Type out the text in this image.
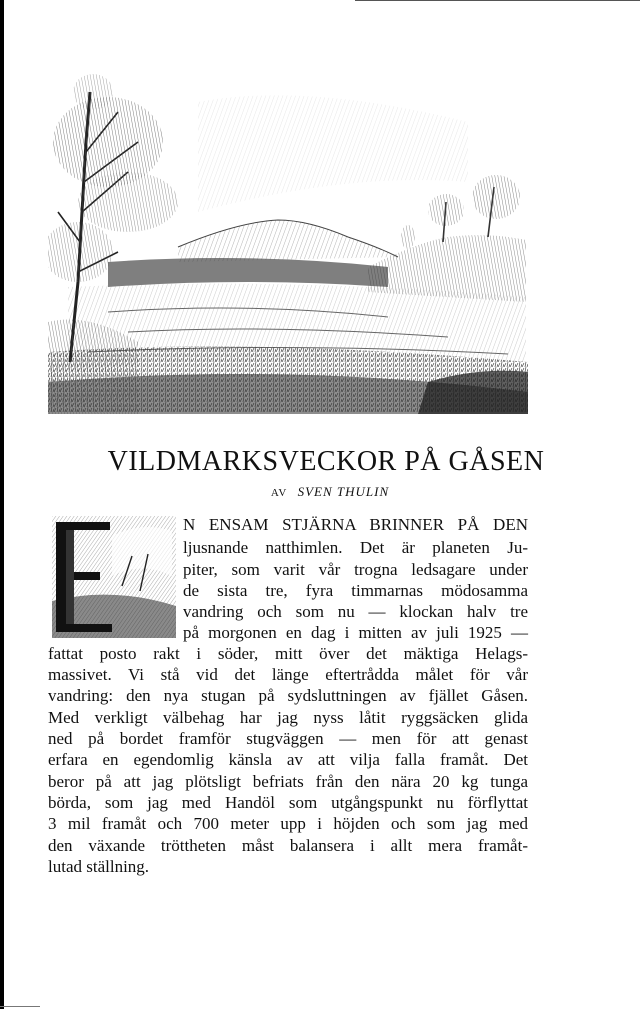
VILDMARKSVECKOR PÅ GÅSEN
AV SVEN THULIN

N ENSAM STJÄRNA BRINNER PÅ DEN

ljusnande natthimlen. Det är planeten Ju-

piter, som varit vår trogna ledsagare under

de sista tre, fyra timmarnas mödosamma

vandring och som nu — klockan halv tre

på morgonen en dag i mitten av juli 1925 —

fattat posto rakt i söder, mitt över det mäktiga Helags-

massivet. Vi stå vid det länge eftertrådda målet för vår

vandring: den nya stugan på sydsluttningen av fjället Gåsen.

Med verkligt välbehag har jag nyss låtit ryggsäcken glida

ned på bordet framför stugväggen — men för att genast

erfara en egendomlig känsla av att vilja falla framåt. Det

beror på att jag plötsligt befriats från den nära 20 kg tunga

börda, som jag med Handöl som utgångspunkt nu förflyttat

3 mil framåt och 700 meter upp i höjden och som jag med

den växande tröttheten måst balansera i allt mera framåt-

lutad ställning.
